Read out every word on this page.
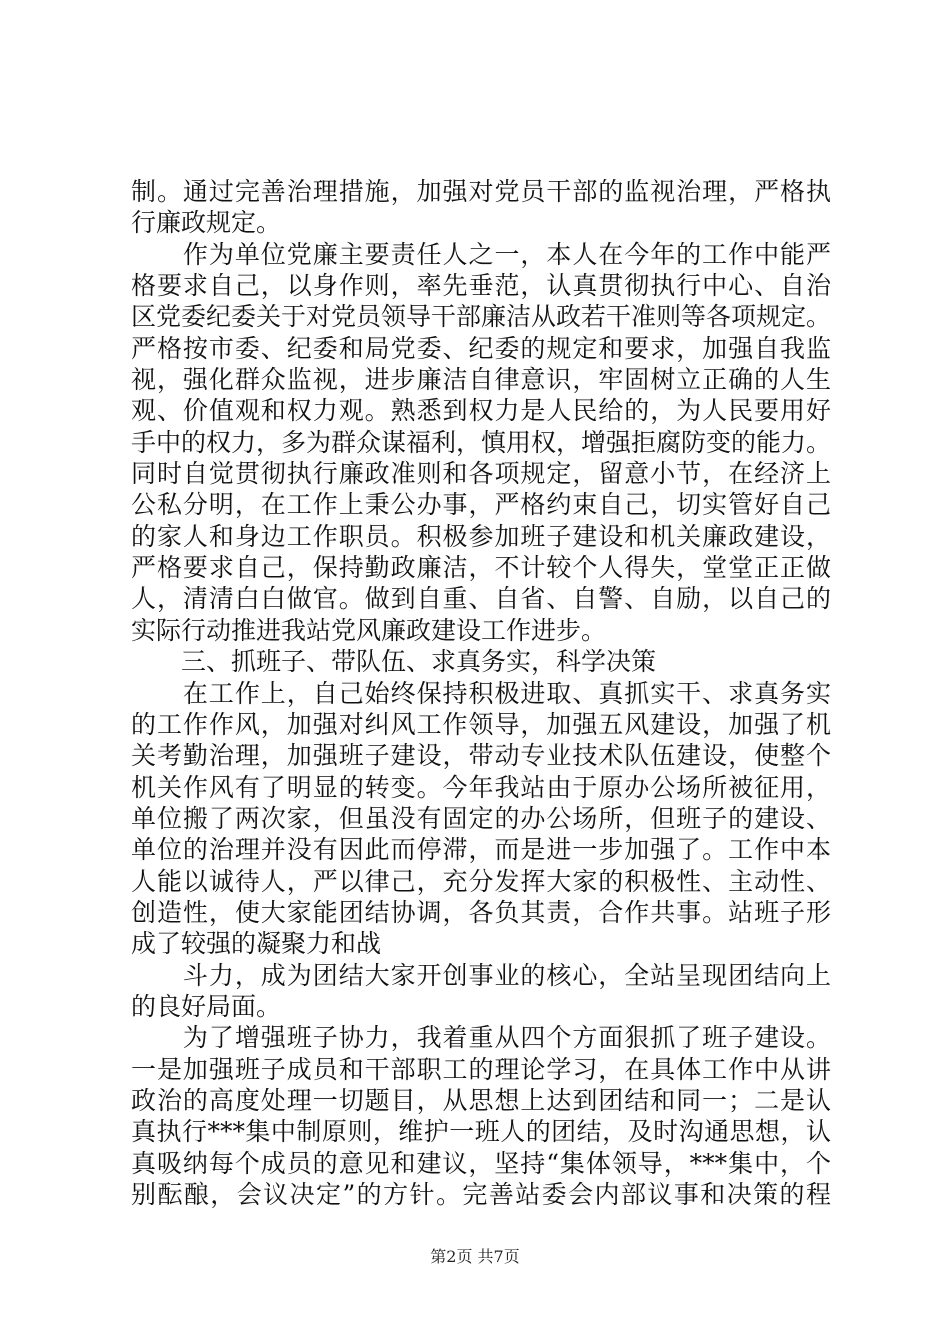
制。通过完善治理措施，加强对党员干部的监视治理，严格执
行廉政规定。
　　作为单位党廉主要责任人之一，本人在今年的工作中能严
格要求自己，以身作则，率先垂范，认真贯彻执行中心、自治
区党委纪委关于对党员领导干部廉洁从政若干准则等各项规定。
严格按市委、纪委和局党委、纪委的规定和要求，加强自我监
视，强化群众监视，进步廉洁自律意识，牢固树立正确的人生
观、价值观和权力观。熟悉到权力是人民给的，为人民要用好
手中的权力，多为群众谋福利，慎用权，增强拒腐防变的能力。
同时自觉贯彻执行廉政准则和各项规定，留意小节，在经济上
公私分明，在工作上秉公办事，严格约束自己，切实管好自己
的家人和身边工作职员。积极参加班子建设和机关廉政建设，
严格要求自己，保持勤政廉洁，不计较个人得失，堂堂正正做
人，清清白白做官。做到自重、自省、自警、自励，以自己的
实际行动推进我站党风廉政建设工作进步。
　　三、抓班子、带队伍、求真务实，科学决策
　　在工作上，自己始终保持积极进取、真抓实干、求真务实
的工作作风，加强对纠风工作领导，加强五风建设，加强了机
关考勤治理，加强班子建设，带动专业技术队伍建设，使整个
机关作风有了明显的转变。今年我站由于原办公场所被征用，
单位搬了两次家，但虽没有固定的办公场所，但班子的建设、
单位的治理并没有因此而停滞，而是进一步加强了。工作中本
人能以诚待人，严以律己，充分发挥大家的积极性、主动性、
创造性，使大家能团结协调，各负其责，合作共事。站班子形
成了较强的凝聚力和战
　　斗力，成为团结大家开创事业的核心，全站呈现团结向上
的良好局面。
　　为了增强班子协力，我着重从四个方面狠抓了班子建设。
一是加强班子成员和干部职工的理论学习，在具体工作中从讲
政治的高度处理一切题目，从思想上达到团结和同一；二是认
真执行***集中制原则，维护一班人的团结，及时沟通思想，认
真吸纳每个成员的意见和建议，坚持“集体领导，***集中，个
别酝酿，会议决定”的方针。完善站委会内部议事和决策的程
第2页 共7页
